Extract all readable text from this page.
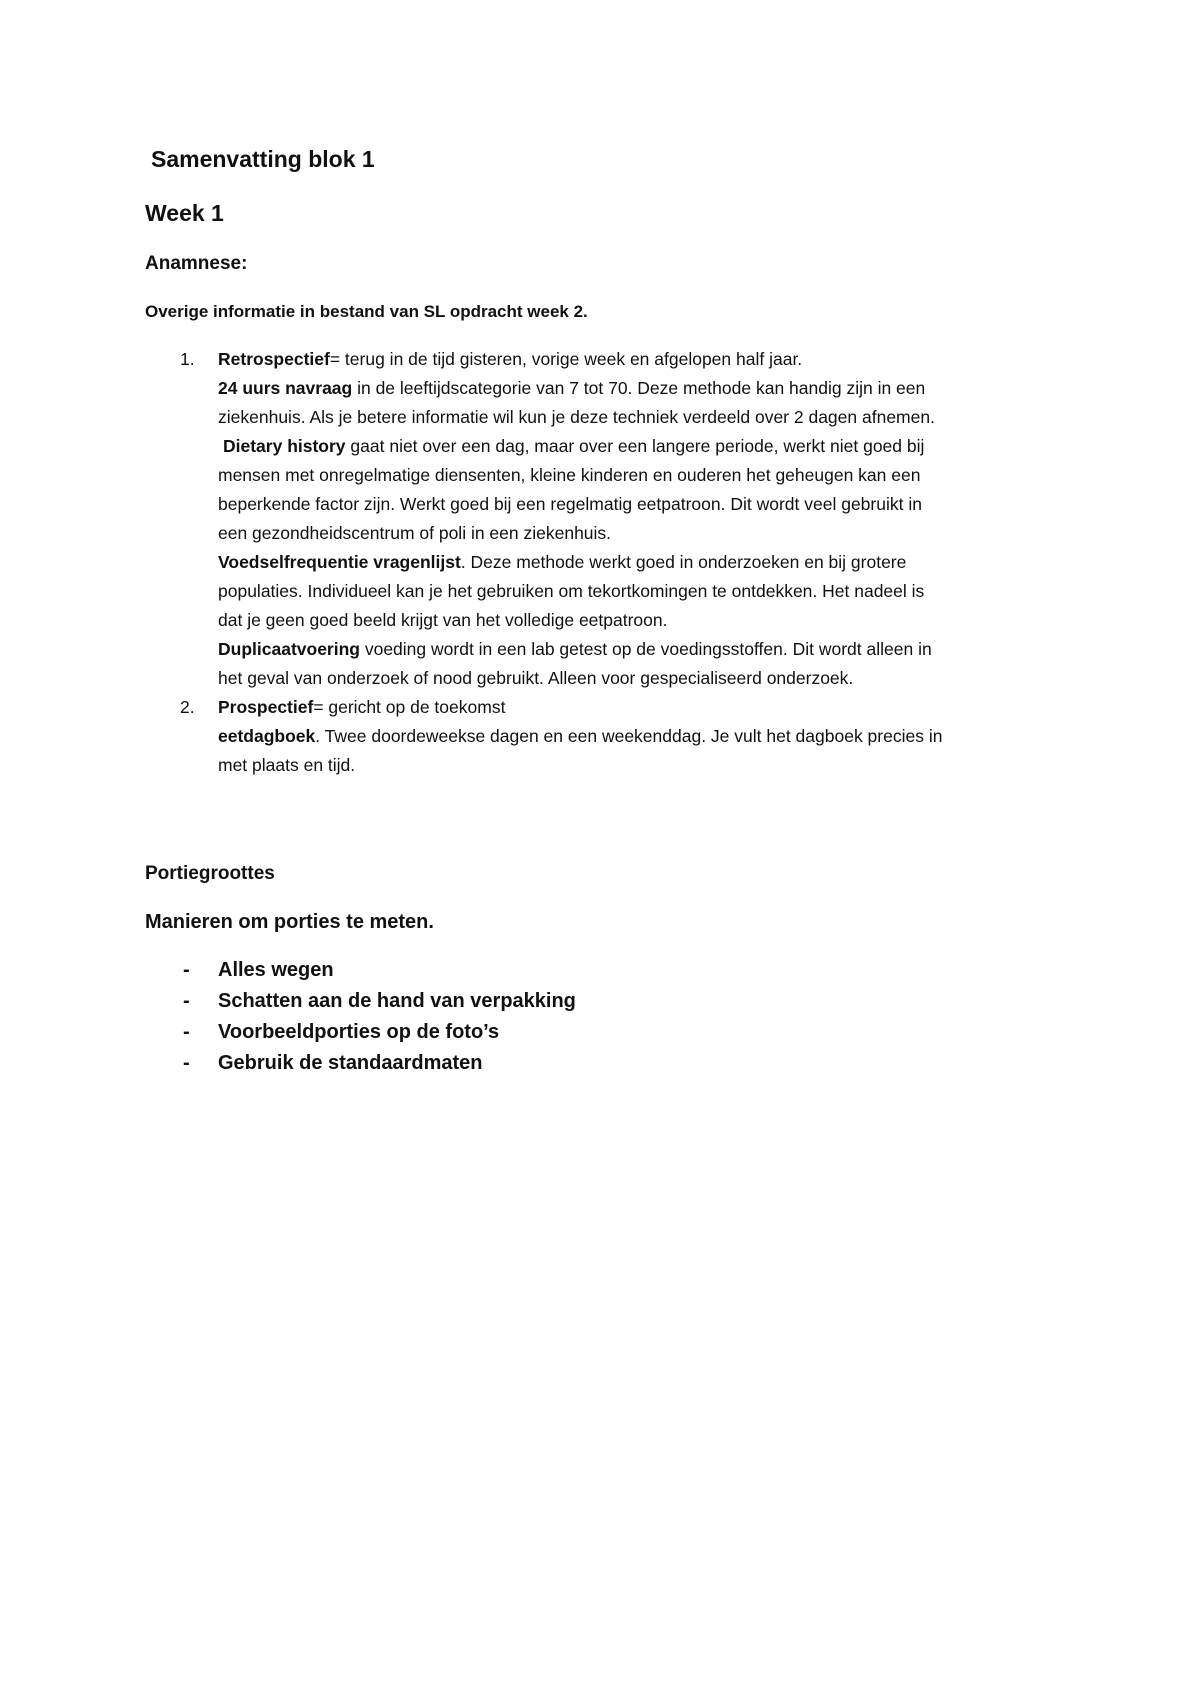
Samenvatting blok 1

Week 1

Anamnese:

Overige informatie in bestand van SL opdracht week 2.

1. Retrospectief= terug in de tijd gisteren, vorige week en afgelopen half jaar.

24 uurs navraag in de leeftijdscategorie van 7 tot 70. Deze methode kan handig zijn in een

ziekenhuis. Als je betere informatie wil kun je deze techniek verdeeld over 2 dagen afnemen.

Dietary history gaat niet over een dag, maar over een langere periode, werkt niet goed bij

mensen met onregelmatige diensenten, kleine kinderen en ouderen het geheugen kan een

beperkende factor zijn. Werkt goed bij een regelmatig eetpatroon. Dit wordt veel gebruikt in

een gezondheidscentrum of poli in een ziekenhuis.

Voedselfrequentie vragenlijst. Deze methode werkt goed in onderzoeken en bij grotere

populaties. Individueel kan je het gebruiken om tekortkomingen te ontdekken. Het nadeel is

dat je geen goed beeld krijgt van het volledige eetpatroon.

Duplicaatvoering voeding wordt in een lab getest op de voedingsstoffen. Dit wordt alleen in

het geval van onderzoek of nood gebruikt. Alleen voor gespecialiseerd onderzoek.

2. Prospectief= gericht op de toekomst

eetdagboek. Twee doordeweekse dagen en een weekenddag. Je vult het dagboek precies in

met plaats en tijd.

Portiegroottes

Manieren om porties te meten.

- Alles wegen
- Schatten aan de hand van verpakking
- Voorbeeldporties op de foto’s
- Gebruik de standaardmaten
